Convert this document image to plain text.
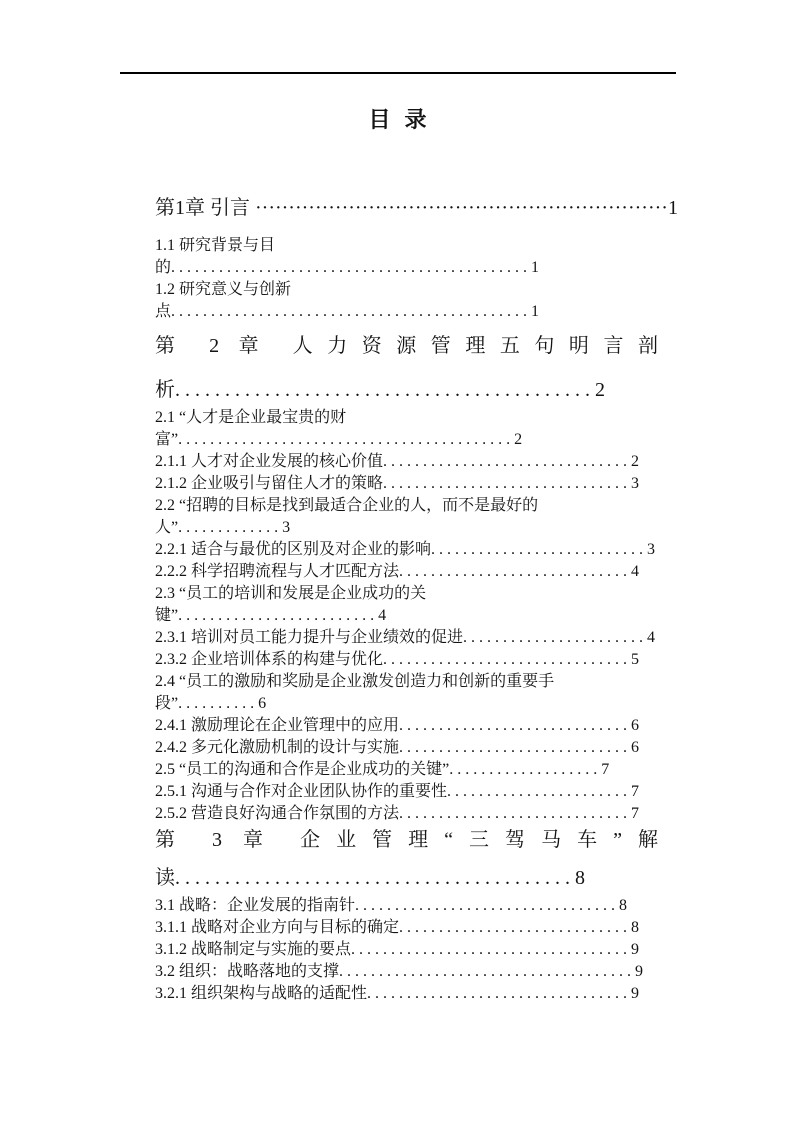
目  录
第1章 引言 ······························································1
1.1 研究背景与目
的. . . . . . . . . . . . . . . . . . . . . . . . . . . . . . . . . . . . . . . . . . . . . 1
1.2 研究意义与创新
点. . . . . . . . . . . . . . . . . . . . . . . . . . . . . . . . . . . . . . . . . . . . . 1
第 2 章 人力资源管理五句明言剖
析. . . . . . . . . . . . . . . . . . . . . . . . . . . . . . . . . . . . . . . . . . 2
2.1 “人才是企业最宝贵的财
富”. . . . . . . . . . . . . . . . . . . . . . . . . . . . . . . . . . . . . . . . . . 2
2.1.1 人才对企业发展的核心价值. . . . . . . . . . . . . . . . . . . . . . . . . . . . . . . 2
2.1.2 企业吸引与留住人才的策略. . . . . . . . . . . . . . . . . . . . . . . . . . . . . . . 3
2.2 “招聘的目标是找到最适合企业的人，而不是最好的
人”. . . . . . . . . . . . . 3
2.2.1 适合与最优的区别及对企业的影响. . . . . . . . . . . . . . . . . . . . . . . . . . . 3
2.2.2 科学招聘流程与人才匹配方法. . . . . . . . . . . . . . . . . . . . . . . . . . . . . 4
2.3 “员工的培训和发展是企业成功的关
键”. . . . . . . . . . . . . . . . . . . . . . . . . 4
2.3.1 培训对员工能力提升与企业绩效的促进. . . . . . . . . . . . . . . . . . . . . . . 4
2.3.2 企业培训体系的构建与优化. . . . . . . . . . . . . . . . . . . . . . . . . . . . . . . 5
2.4 “员工的激励和奖励是企业激发创造力和创新的重要手
段”. . . . . . . . . . 6
2.4.1 激励理论在企业管理中的应用. . . . . . . . . . . . . . . . . . . . . . . . . . . . . 6
2.4.2 多元化激励机制的设计与实施. . . . . . . . . . . . . . . . . . . . . . . . . . . . . 6
2.5 “员工的沟通和合作是企业成功的关键”. . . . . . . . . . . . . . . . . . . 7
2.5.1 沟通与合作对企业团队协作的重要性. . . . . . . . . . . . . . . . . . . . . . . 7
2.5.2 营造良好沟通合作氛围的方法. . . . . . . . . . . . . . . . . . . . . . . . . . . . . 7
第 3 章 企业管理“三驾马车”解
读. . . . . . . . . . . . . . . . . . . . . . . . . . . . . . . . . . . . . . . . 8
3.1 战略：企业发展的指南针. . . . . . . . . . . . . . . . . . . . . . . . . . . . . . . . . 8
3.1.1 战略对企业方向与目标的确定. . . . . . . . . . . . . . . . . . . . . . . . . . . . . 8
3.1.2 战略制定与实施的要点. . . . . . . . . . . . . . . . . . . . . . . . . . . . . . . . . . . 9
3.2 组织：战略落地的支撑. . . . . . . . . . . . . . . . . . . . . . . . . . . . . . . . . . . . . 9
3.2.1 组织架构与战略的适配性. . . . . . . . . . . . . . . . . . . . . . . . . . . . . . . . . 9
